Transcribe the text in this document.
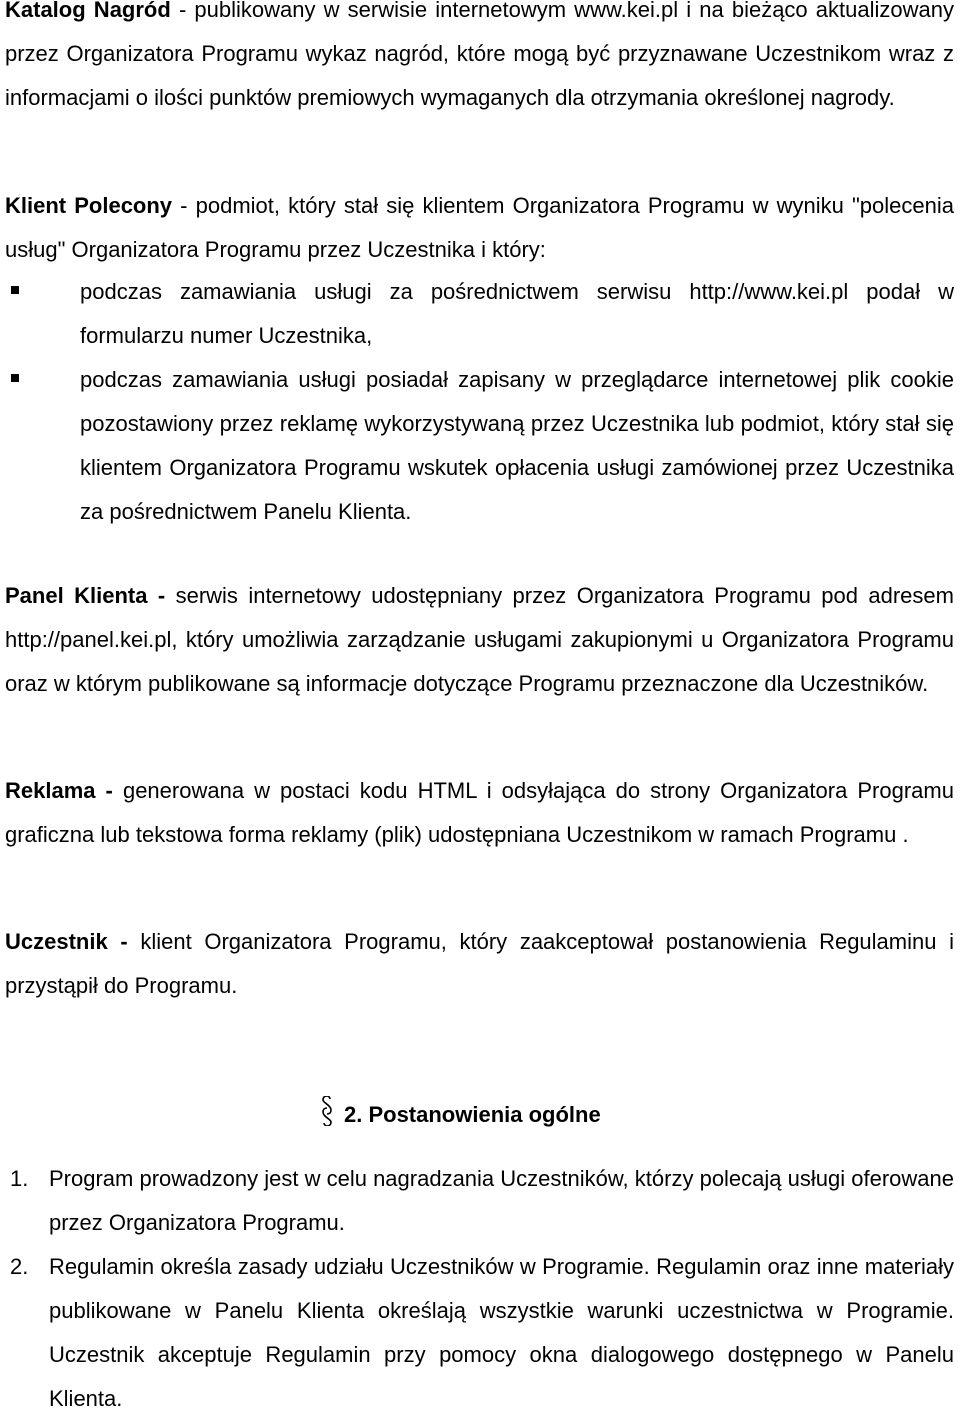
Katalog Nagród - publikowany w serwisie internetowym www.kei.pl i na bieżąco aktualizowany przez Organizatora Programu wykaz nagród, które mogą być przyznawane Uczestnikom wraz z informacjami o ilości punktów premiowych wymaganych dla otrzymania określonej nagrody.

Klient Polecony - podmiot, który stał się klientem Organizatora Programu w wyniku "polecenia usług" Organizatora Programu przez Uczestnika i który:

podczas zamawiania usługi za pośrednictwem serwisu http://www.kei.pl podał w formularzu numer Uczestnika,

podczas zamawiania usługi posiadał zapisany w przeglądarce internetowej plik cookie pozostawiony przez reklamę wykorzystywaną przez Uczestnika lub podmiot, który stał się klientem Organizatora Programu wskutek opłacenia usługi zamówionej przez Uczestnika za pośrednictwem Panelu Klienta.

Panel Klienta - serwis internetowy udostępniany przez Organizatora Programu pod adresem http://panel.kei.pl, który umożliwia zarządzanie usługami zakupionymi u Organizatora Programu oraz w którym publikowane są informacje dotyczące Programu przeznaczone dla Uczestników.

Reklama - generowana w postaci kodu HTML i odsyłająca do strony Organizatora Programu graficzna lub tekstowa forma reklamy (plik) udostępniana Uczestnikom w ramach Programu .

Uczestnik - klient Organizatora Programu, który zaakceptował postanowienia Regulaminu i przystąpił do Programu.

2. Postanowienia ogólne

1. Program prowadzony jest w celu nagradzania Uczestników, którzy polecają usługi oferowane przez Organizatora Programu.

2. Regulamin określa zasady udziału Uczestników w Programie. Regulamin oraz inne materiały publikowane w Panelu Klienta określają wszystkie warunki uczestnictwa w Programie. Uczestnik akceptuje Regulamin przy pomocy okna dialogowego dostępnego w Panelu Klienta.
